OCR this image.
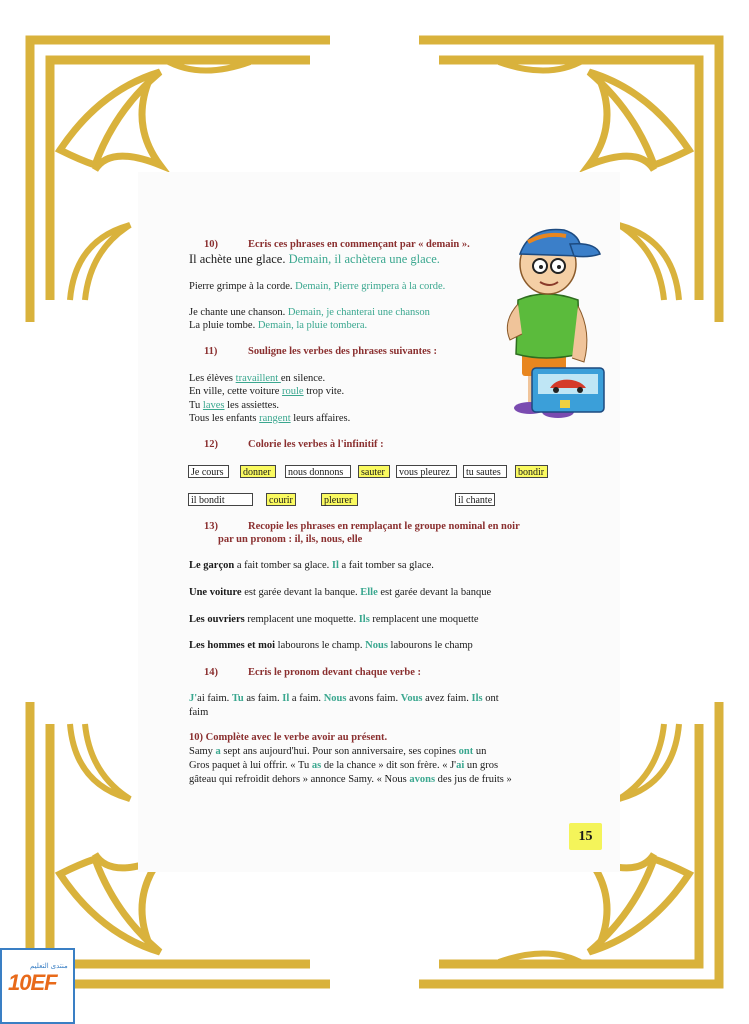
10)	Ecris ces phrases en commençant par « demain ».
Il achète une glace. Demain, il achètera une glace.
Pierre grimpe à la corde. Demain, Pierre grimpera à la corde.
Je chante une chanson. Demain, je chanterai une chanson
La pluie tombe. Demain, la pluie tombera.
11)	Souligne les verbes des phrases suivantes :
Les élèves travaillent en silence.
En ville, cette voiture roule trop vite.
Tu laves les assiettes.
Tous les enfants rangent leurs affaires.
12)	Colorie les verbes à l'infinitif :
Je cours	donner	nous donnons	sauter	vous pleurez	tu sautes	bondir
il bondit	courir	pleurer	il chante
13)	Recopie les phrases en remplaçant le groupe nominal en noir
par un pronom : il, ils, nous, elle
Le garçon a fait tomber sa glace. Il a fait tomber sa glace.
Une voiture est garée devant la banque. Elle est garée devant la banque
Les ouvriers remplacent une moquette. Ils remplacent une moquette
Les hommes et moi labourons le champ. Nous labourons le champ
14)	Ecris le pronom devant chaque verbe :
J'ai faim. Tu as faim. Il a faim. Nous avons faim. Vous avez faim. Ils ont
faim
10) Complète avec le verbe avoir au présent.
Samy a sept ans aujourd'hui. Pour son anniversaire, ses copines ont un
Gros paquet à lui offrir. « Tu as de la chance » dit son frère. « J'ai un gros
gâteau qui refroidit dehors » annonce Samy. « Nous avons des jus de fruits »
15
منتدى التعليم
10EF
